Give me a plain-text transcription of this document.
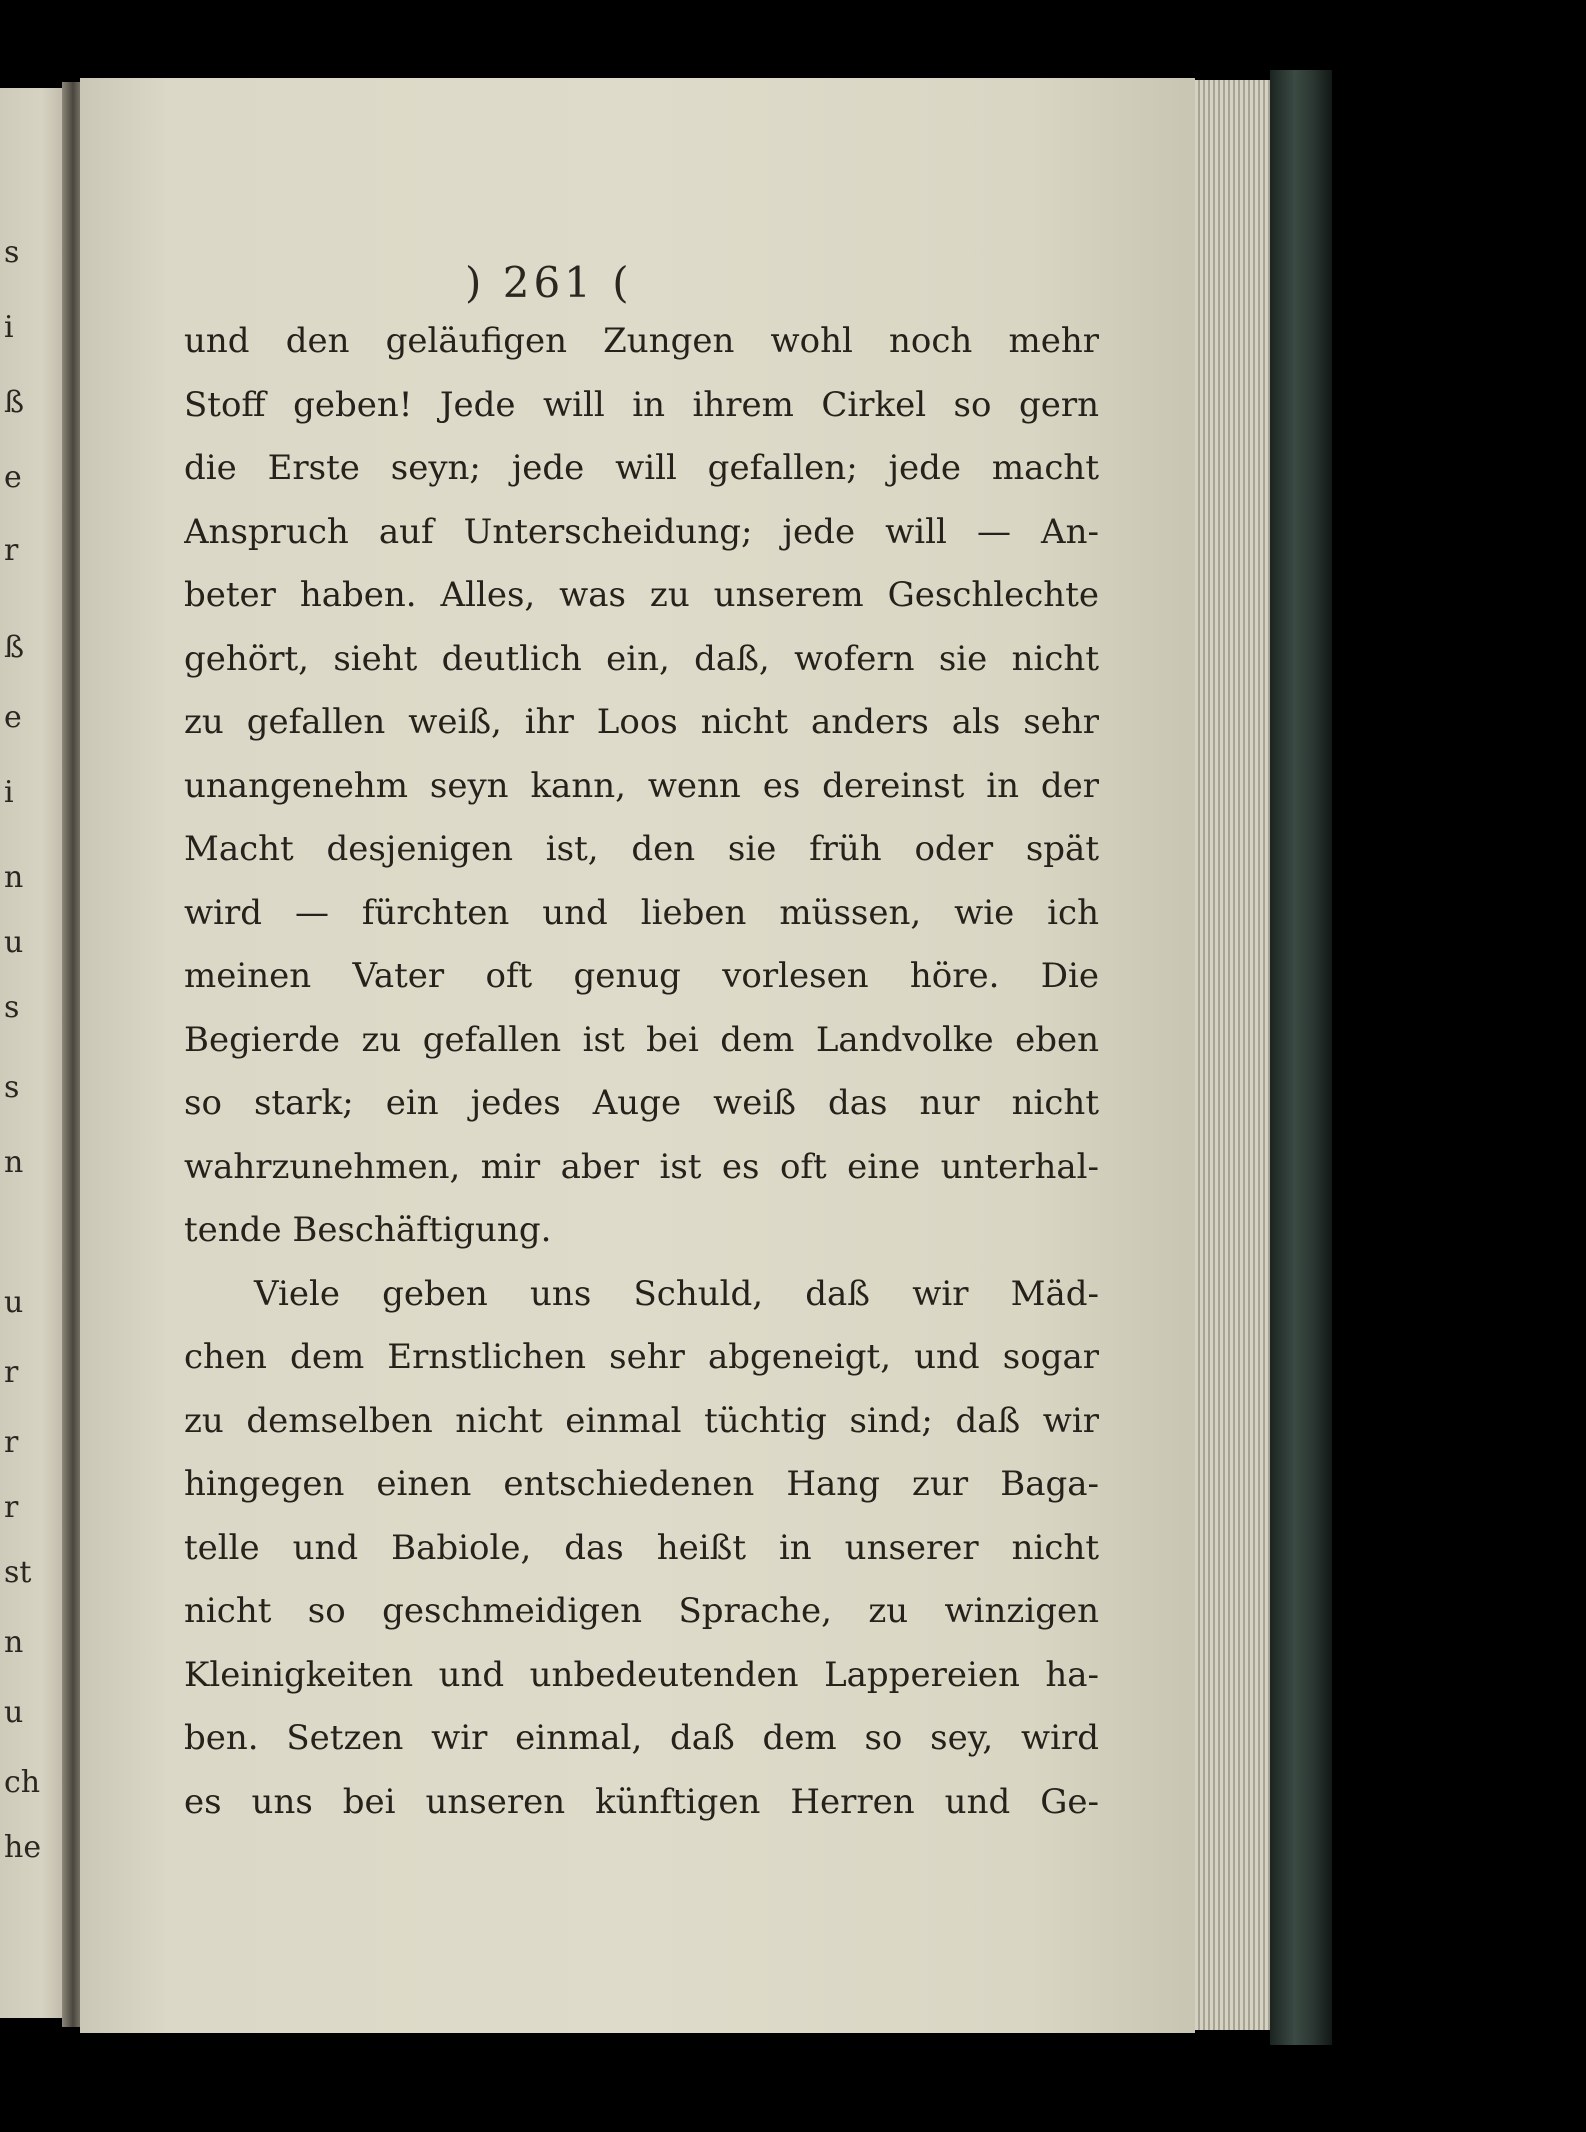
s
i
ß
e
r
ß
e
i
n
u
s
s
n
u
r
r
r
st
n
u
ch
he
) 261 (
und den geläufigen Zungen wohl noch mehr
Stoff geben! Jede will in ihrem Cirkel so gern
die Erste seyn; jede will gefallen; jede macht
Anspruch auf Unterscheidung; jede will — An-
beter haben. Alles, was zu unserem Geschlechte
gehört, sieht deutlich ein, daß, wofern sie nicht
zu gefallen weiß, ihr Loos nicht anders als sehr
unangenehm seyn kann, wenn es dereinst in der
Macht desjenigen ist, den sie früh oder spät
wird — fürchten und lieben müssen, wie ich
meinen Vater oft genug vorlesen höre. Die
Begierde zu gefallen ist bei dem Landvolke eben
so stark; ein jedes Auge weiß das nur nicht
wahrzunehmen, mir aber ist es oft eine unterhal-
tende Beschäftigung.
Viele geben uns Schuld, daß wir Mäd-
chen dem Ernstlichen sehr abgeneigt, und sogar
zu demselben nicht einmal tüchtig sind; daß wir
hingegen einen entschiedenen Hang zur Baga-
telle und Babiole, das heißt in unserer nicht
nicht so geschmeidigen Sprache, zu winzigen
Kleinigkeiten und unbedeutenden Lappereien ha-
ben. Setzen wir einmal, daß dem so sey, wird
es uns bei unseren künftigen Herren und Ge-
